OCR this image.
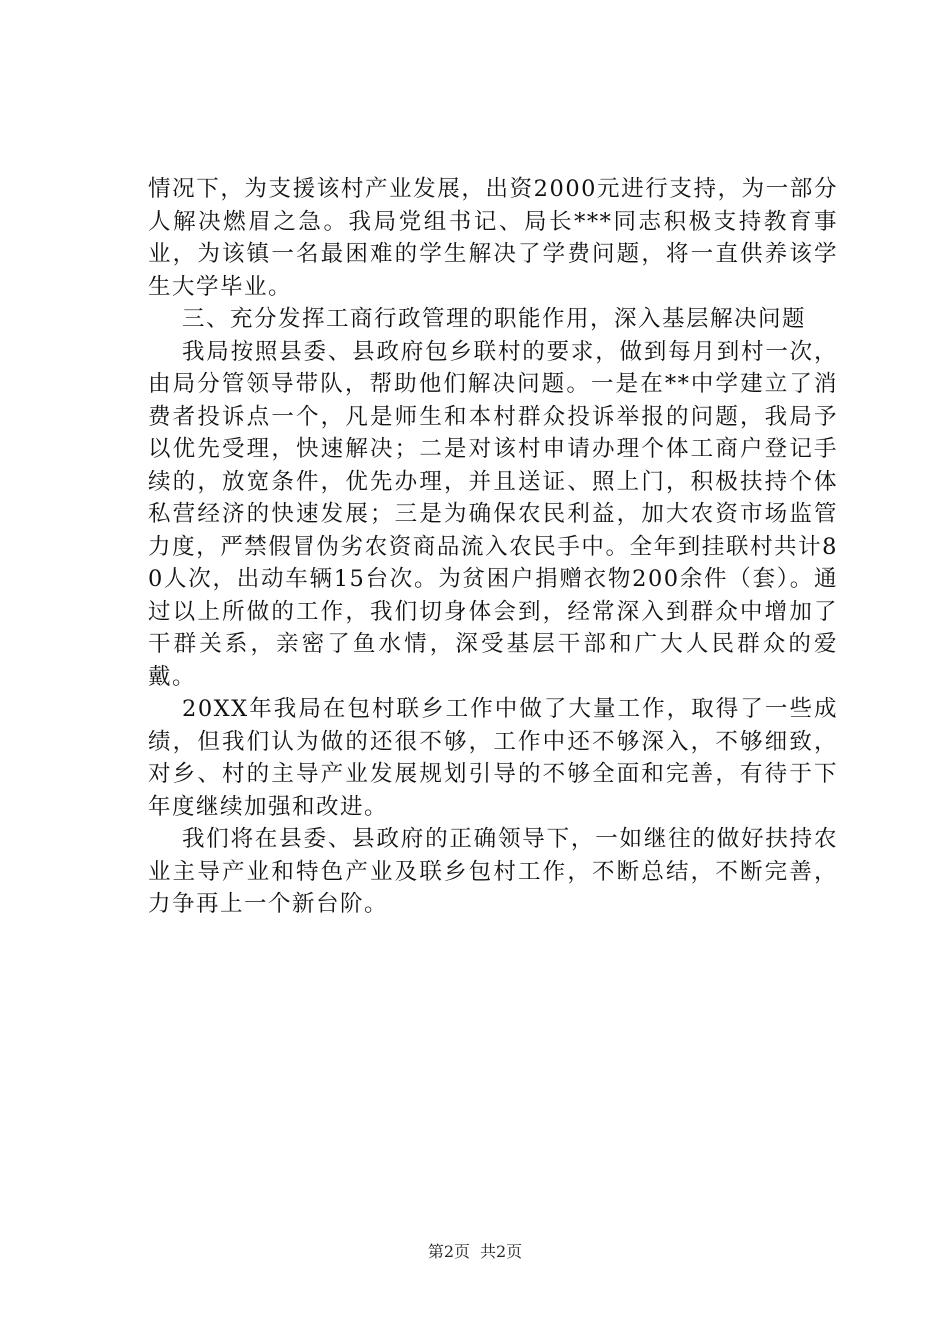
情况下，为支援该村产业发展，出资2000元进行支持，为一部分人解决燃眉之急。我局党组书记、局长***同志积极支持教育事业，为该镇一名最困难的学生解决了学费问题，将一直供养该学生大学毕业。

三、充分发挥工商行政管理的职能作用，深入基层解决问题

我局按照县委、县政府包乡联村的要求，做到每月到村一次，由局分管领导带队，帮助他们解决问题。一是在**中学建立了消费者投诉点一个，凡是师生和本村群众投诉举报的问题，我局予以优先受理，快速解决；二是对该村申请办理个体工商户登记手续的，放宽条件，优先办理，并且送证、照上门，积极扶持个体私营经济的快速发展；三是为确保农民利益，加大农资市场监管力度，严禁假冒伪劣农资商品流入农民手中。全年到挂联村共计80人次，出动车辆15台次。为贫困户捐赠衣物200余件（套）。通过以上所做的工作，我们切身体会到，经常深入到群众中增加了干群关系，亲密了鱼水情，深受基层干部和广大人民群众的爱戴。

20XX年我局在包村联乡工作中做了大量工作，取得了一些成绩，但我们认为做的还很不够，工作中还不够深入，不够细致，对乡、村的主导产业发展规划引导的不够全面和完善，有待于下年度继续加强和改进。

我们将在县委、县政府的正确领导下，一如继往的做好扶持农业主导产业和特色产业及联乡包村工作，不断总结，不断完善，力争再上一个新台阶。

第2页 共2页
